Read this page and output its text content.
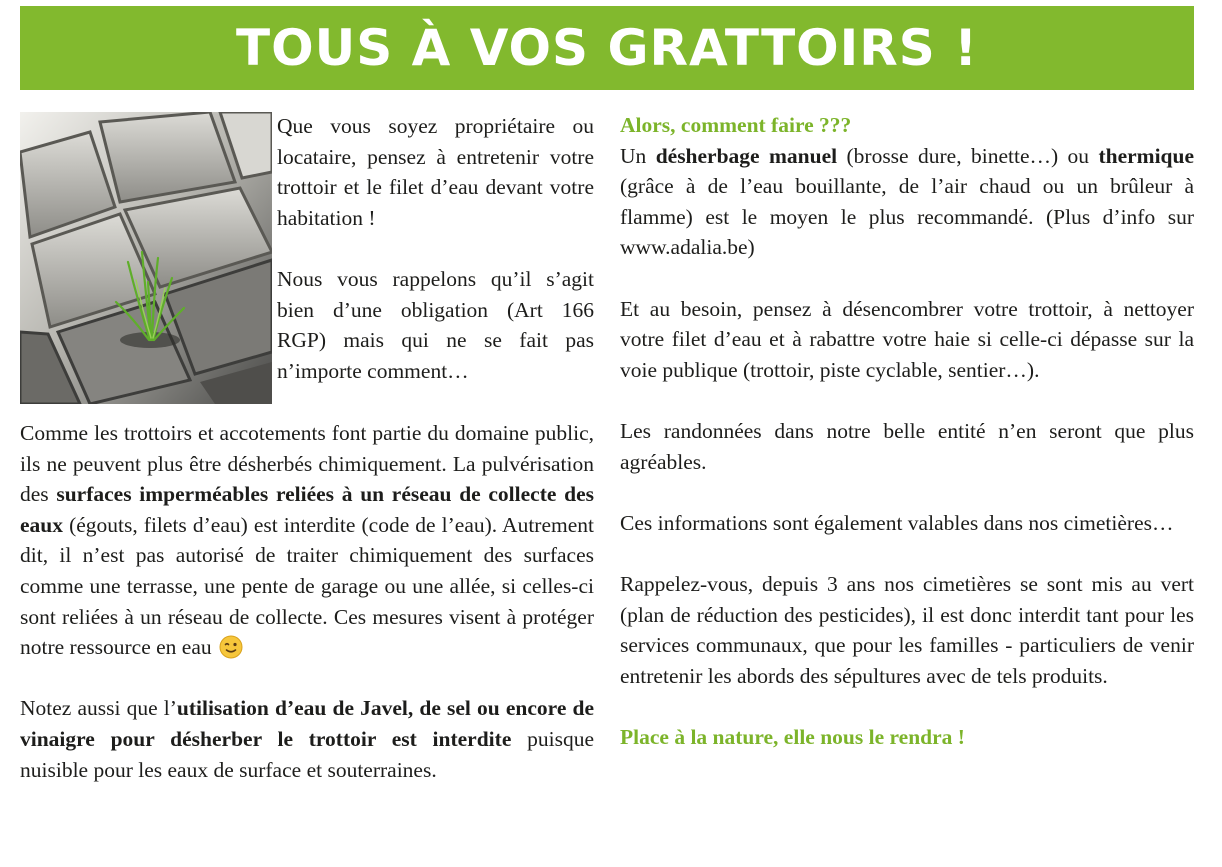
TOUS À VOS GRATTOIRS !

Que vous soyez propriétaire ou locataire, pensez à entretenir votre trottoir et le filet d’eau devant votre habitation !

Nous vous rappelons qu’il s’agit bien d’une obligation (Art 166 RGP) mais qui ne se fait pas n’importe comment…

Comme les trottoirs et accotements font partie du domaine public, ils ne peuvent plus être désherbés chimiquement. La pulvérisation des surfaces imperméables reliées à un réseau de collecte des eaux (égouts, filets d’eau) est interdite (code de l’eau). Autrement dit, il n’est pas autorisé de traiter chimiquement des surfaces comme une terrasse, une pente de garage ou une allée, si celles-ci sont reliées à un réseau de collecte. Ces mesures visent à protéger notre ressource en eau

Notez aussi que l’utilisation d’eau de Javel, de sel ou encore de vinaigre pour désherber le trottoir est interdite puisque nuisible pour les eaux de surface et souterraines.

Alors, comment faire ???

Un désherbage manuel (brosse dure, binette…) ou thermique (grâce à de l’eau bouillante, de l’air chaud ou un brûleur à flamme) est le moyen le plus recommandé. (Plus d’info sur www.adalia.be)

Et au besoin, pensez à désencombrer votre trottoir, à nettoyer votre filet d’eau et à rabattre votre haie si celle-ci dépasse sur la voie publique (trottoir, piste cyclable, sentier…).

Les randonnées dans notre belle entité n’en seront que plus agréables.

Ces informations sont également valables dans nos cimetières…

Rappelez-vous, depuis 3 ans nos cimetières se sont mis au vert (plan de réduction des pesticides), il est donc interdit tant pour les services communaux, que pour les familles - particuliers de venir entretenir les abords des sépultures avec de tels produits.

Place à la nature, elle nous le rendra !
